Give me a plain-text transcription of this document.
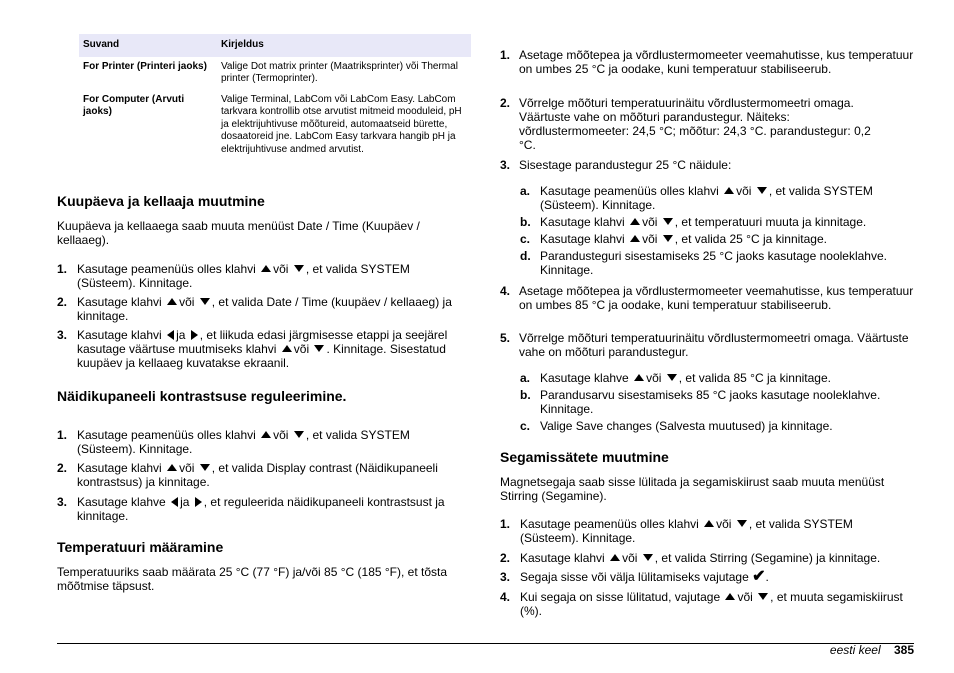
Suvand	Kirjeldus
For Printer (Printeri jaoks)	Valige Dot matrix printer (Maatriksprinter) või Thermal printer (Termoprinter).
For Computer (Arvuti jaoks)	Valige Terminal, LabCom või LabCom Easy. LabCom tarkvara kontrollib otse arvutist mitmeid mooduleid, pH ja elektrijuhtivuse mõõtureid, automaatseid bürette, dosaatoreid jne. LabCom Easy tarkvara hangib pH ja elektrijuhtivuse andmed arvutist.
Kuupäeva ja kellaaja muutmine

Kuupäeva ja kellaaega saab muuta menüüst Date / Time (Kuupäev / kellaaeg).

1. Kasutage peamenüüs olles klahvi või , et valida SYSTEM (Süsteem). Kinnitage.
2. Kasutage klahvi või , et valida Date / Time (kuupäev / kellaaeg) ja kinnitage.
3. Kasutage klahvi ja , et liikuda edasi järgmisesse etappi ja seejärel kasutage väärtuse muutmiseks klahvi või . Kinnitage. Sisestatud kuupäev ja kellaaeg kuvatakse ekraanil.
Näidikupaneeli kontrastsuse reguleerimine.
1. Kasutage peamenüüs olles klahvi või , et valida SYSTEM (Süsteem). Kinnitage.
2. Kasutage klahvi või , et valida Display contrast (Näidikupaneeli kontrastsus) ja kinnitage.
3. Kasutage klahve ja , et reguleerida näidikupaneeli kontrastsust ja kinnitage.
Temperatuuri määramine

Temperatuuriks saab määrata 25 °C (77 °F) ja/või 85 °C (185 °F), et tõsta mõõtmise täpsust.

1. Asetage mõõtepea ja võrdlustermomeeter veemahutisse, kus temperatuur on umbes 25 °C ja oodake, kuni temperatuur stabiliseerub.
2. Võrrelge mõõturi temperatuurinäitu võrdlustermomeetri omaga. Väärtuste vahe on mõõturi parandustegur. Näiteks: võrdlustermomeeter: 24,5 °C; mõõtur: 24,3 °C. parandustegur: 0,2 °C.
3. Sisestage parandustegur 25 °C näidule:
a. Kasutage peamenüüs olles klahvi või , et valida SYSTEM (Süsteem). Kinnitage.
b. Kasutage klahvi või , et temperatuuri muuta ja kinnitage.
c. Kasutage klahvi või , et valida 25 °C ja kinnitage.
d. Parandusteguri sisestamiseks 25 °C jaoks kasutage nooleklahve. Kinnitage.
4. Asetage mõõtepea ja võrdlustermomeeter veemahutisse, kus temperatuur on umbes 85 °C ja oodake, kuni temperatuur stabiliseerub.
5. Võrrelge mõõturi temperatuurinäitu võrdlustermomeetri omaga. Väärtuste vahe on mõõturi parandustegur.
a. Kasutage klahve või , et valida 85 °C ja kinnitage.
b. Parandusarvu sisestamiseks 85 °C jaoks kasutage nooleklahve. Kinnitage.
c. Valige Save changes (Salvesta muutused) ja kinnitage.
Segamissätete muutmine

Magnetsegaja saab sisse lülitada ja segamiskiirust saab muuta menüüst Stirring (Segamine).

1. Kasutage peamenüüs olles klahvi või , et valida SYSTEM (Süsteem). Kinnitage.
2. Kasutage klahvi või , et valida Stirring (Segamine) ja kinnitage.
3. Segaja sisse või välja lülitamiseks vajutage ✔.
4. Kui segaja on sisse lülitatud, vajutage või , et muuta segamiskiirust (%).
eesti keel 385
